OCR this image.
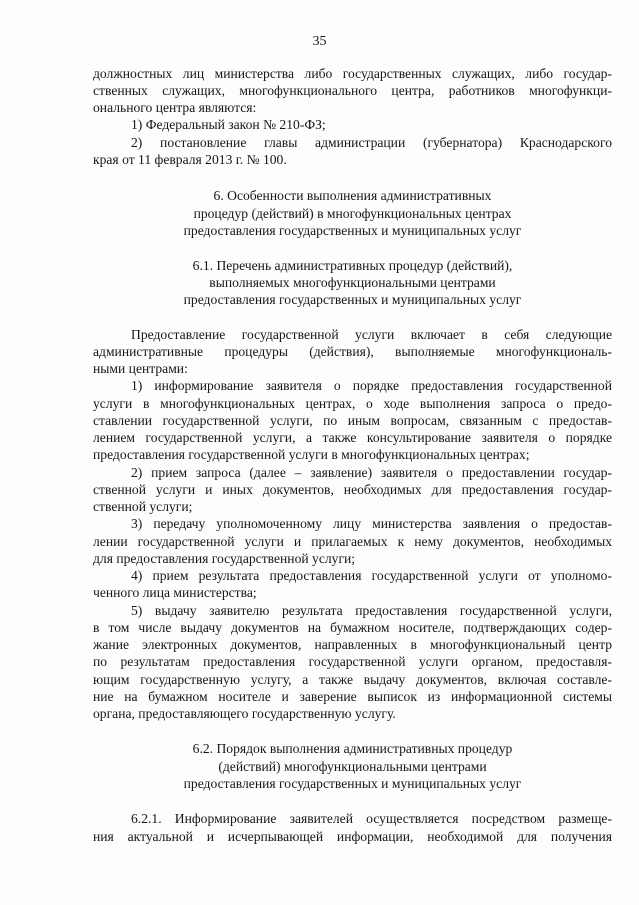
35
должностных лиц министерства либо государственных служащих, либо государ-
ственных служащих, многофункционального центра, работников многофункци-
онального центра являются:
1) Федеральный закон № 210-ФЗ;
2) постановление главы администрации (губернатора) Краснодарского
края от 11 февраля 2013 г. № 100.
6. Особенности выполнения административных
процедур (действий) в многофункциональных центрах
предоставления государственных и муниципальных услуг
6.1. Перечень административных процедур (действий),
выполняемых многофункциональными центрами
предоставления государственных и муниципальных услуг
Предоставление государственной услуги включает в себя следующие
административные процедуры (действия), выполняемые многофункциональ-
ными центрами:
1) информирование заявителя о порядке предоставления государственной
услуги в многофункциональных центрах, о ходе выполнения запроса о предо-
ставлении государственной услуги, по иным вопросам, связанным с предостав-
лением государственной услуги, а также консультирование заявителя о порядке
предоставления государственной услуги в многофункциональных центрах;
2) прием запроса (далее – заявление) заявителя о предоставлении государ-
ственной услуги и иных документов, необходимых для предоставления государ-
ственной услуги;
3) передачу уполномоченному лицу министерства заявления о предостав-
лении государственной услуги и прилагаемых к нему документов, необходимых
для предоставления государственной услуги;
4) прием результата предоставления государственной услуги от уполномо-
ченного лица министерства;
5) выдачу заявителю результата предоставления государственной услуги,
в том числе выдачу документов на бумажном носителе, подтверждающих содер-
жание электронных документов, направленных в многофункциональный центр
по результатам предоставления государственной услуги органом, предоставля-
ющим государственную услугу, а также выдачу документов, включая составле-
ние на бумажном носителе и заверение выписок из информационной системы
органа, предоставляющего государственную услугу.
6.2. Порядок выполнения административных процедур
(действий) многофункциональными центрами
предоставления государственных и муниципальных услуг
6.2.1. Информирование заявителей осуществляется посредством размеще-
ния актуальной и исчерпывающей информации, необходимой для получения
